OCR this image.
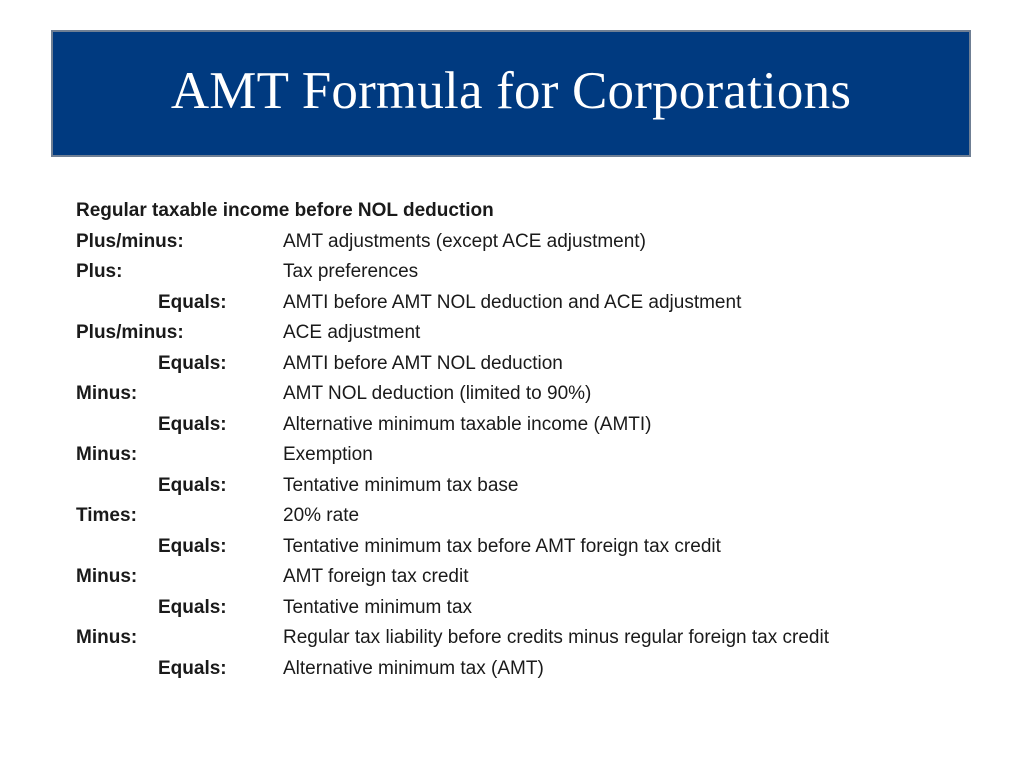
AMT Formula for Corporations
Regular taxable income before NOL deduction
Plus/minus:	AMT adjustments (except ACE adjustment)
Plus:	Tax preferences
Equals:	AMTI before AMT NOL deduction and ACE adjustment
Plus/minus:	ACE adjustment
Equals:	AMTI before AMT NOL deduction
Minus:	AMT NOL deduction (limited to 90%)
Equals:	Alternative minimum taxable income (AMTI)
Minus:	Exemption
Equals:	Tentative minimum tax base
Times:	20% rate
Equals:	Tentative minimum tax before AMT foreign tax credit
Minus:	AMT foreign tax credit
Equals:	Tentative minimum tax
Minus:	Regular tax liability before credits minus regular foreign tax credit
Equals:	Alternative minimum tax (AMT)
